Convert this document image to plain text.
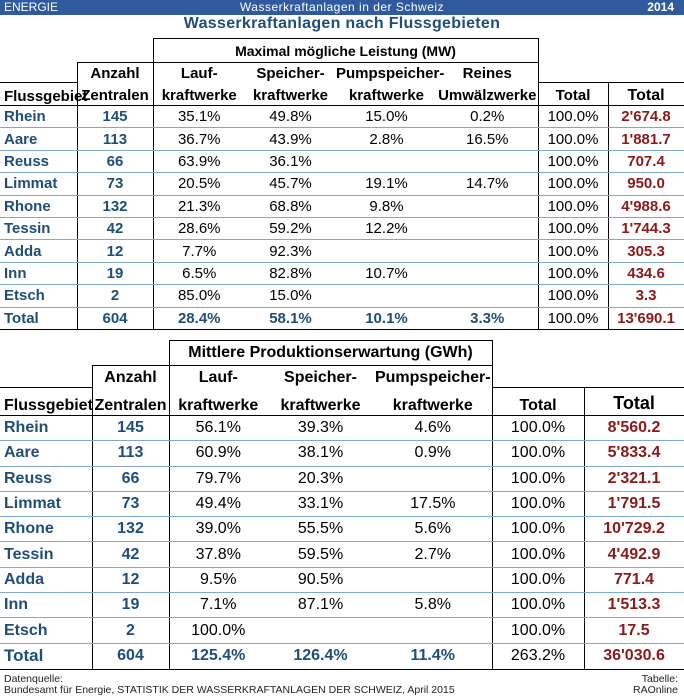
ENERGIE	Wasserkraftanlagen in der Schweiz	2014
Wasserkraftanlagen nach Flussgebieten
		Maximal mögliche Leistung (MW)					
	Anzahl	Lauf-	Speicher-	Pumpspeicher-	Reines		
Flussgebiet	Zentralen	kraftwerke	kraftwerke	kraftwerke	Umwälzwerke	Total	Total
Rhein	145	35.1%	49.8%	15.0%	0.2%	100.0%	2'674.8
Aare	113	36.7%	43.9%	2.8%	16.5%	100.0%	1'881.7
Reuss	66	63.9%	36.1%			100.0%	707.4
Limmat	73	20.5%	45.7%	19.1%	14.7%	100.0%	950.0
Rhone	132	21.3%	68.8%	9.8%		100.0%	4'988.6
Tessin	42	28.6%	59.2%	12.2%		100.0%	1'744.3
Adda	12	7.7%	92.3%			100.0%	305.3
Inn	19	6.5%	82.8%	10.7%		100.0%	434.6
Etsch	2	85.0%	15.0%			100.0%	3.3
Total	604	28.4%	58.1%	10.1%	3.3%	100.0%	13'690.1
		Mittlere Produktionserwartung (GWh)				
	Anzahl	Lauf-	Speicher-	Pumpspeicher-		
Flussgebiet	Zentralen	kraftwerke	kraftwerke	kraftwerke	Total	Total
Rhein	145	56.1%	39.3%	4.6%	100.0%	8'560.2
Aare	113	60.9%	38.1%	0.9%	100.0%	5'833.4
Reuss	66	79.7%	20.3%		100.0%	2'321.1
Limmat	73	49.4%	33.1%	17.5%	100.0%	1'791.5
Rhone	132	39.0%	55.5%	5.6%	100.0%	10'729.2
Tessin	42	37.8%	59.5%	2.7%	100.0%	4'492.9
Adda	12	9.5%	90.5%		100.0%	771.4
Inn	19	7.1%	87.1%	5.8%	100.0%	1'513.3
Etsch	2	100.0%			100.0%	17.5
Total	604	125.4%	126.4%	11.4%	263.2%	36'030.6
Datenquelle:
Bundesamt für Energie, STATISTIK DER WASSERKRAFTANLAGEN DER SCHWEIZ, April 2015
Tabelle:
RAOnline
